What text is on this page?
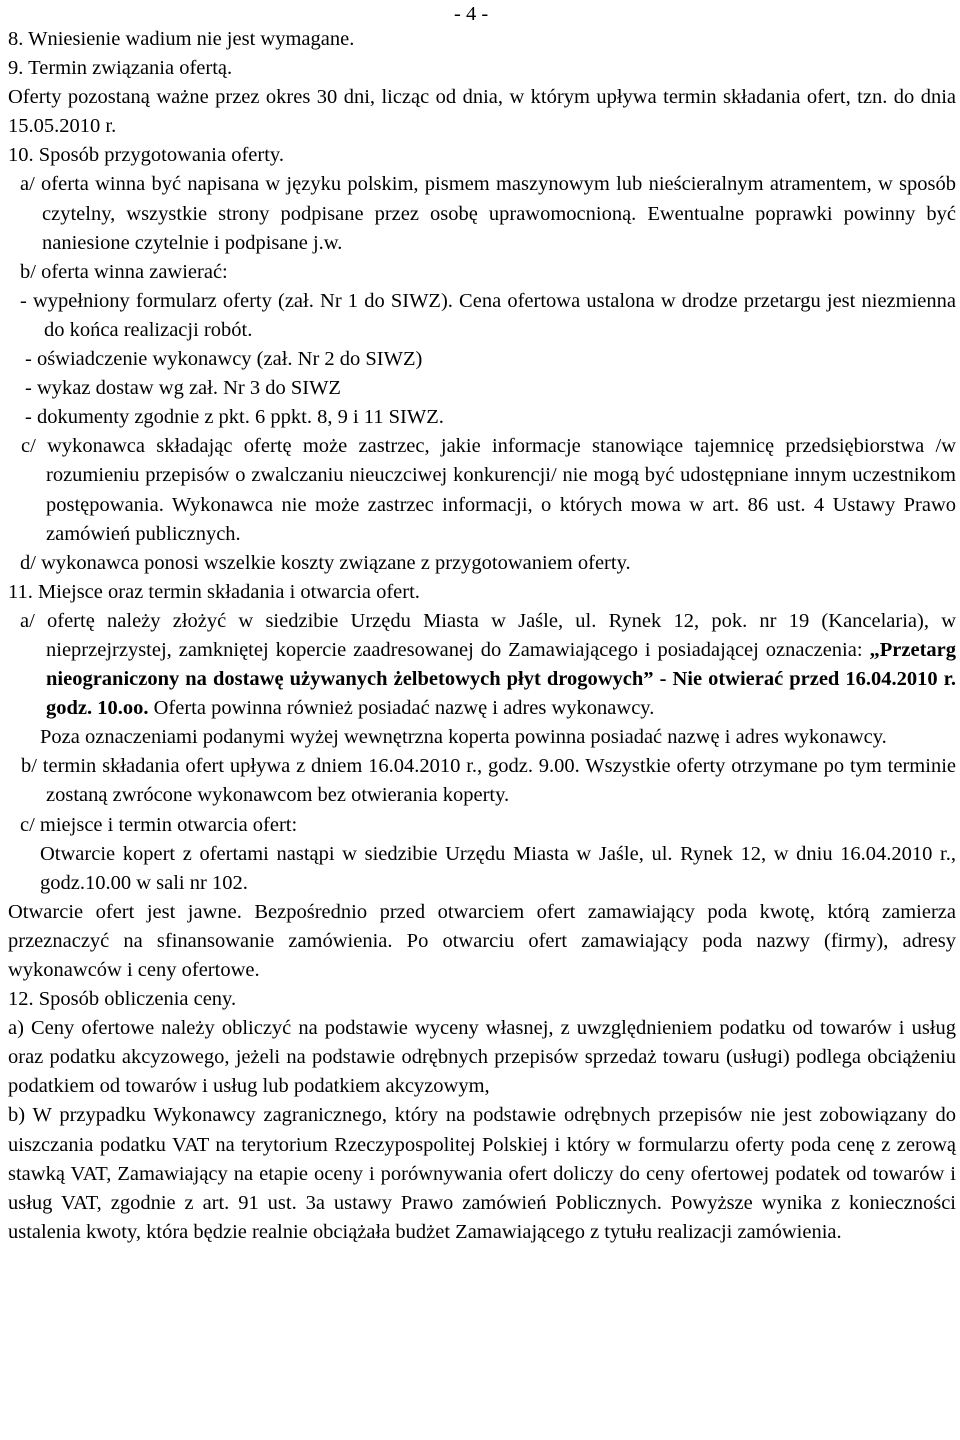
- 4 -

8. Wniesienie wadium nie jest wymagane.

9. Termin związania ofertą.

Oferty pozostaną ważne przez okres 30 dni, licząc od dnia, w którym upływa termin składania ofert, tzn. do dnia 15.05.2010 r.

10. Sposób przygotowania oferty.

a/ oferta winna być napisana w języku polskim, pismem maszynowym lub nieścieralnym atramentem, w sposób czytelny, wszystkie strony podpisane przez osobę uprawomocnioną. Ewentualne poprawki powinny być naniesione czytelnie i podpisane j.w.

b/ oferta winna zawierać:

- wypełniony formularz oferty (zał. Nr 1 do SIWZ). Cena ofertowa ustalona w drodze przetargu jest niezmienna do końca realizacji robót.

- oświadczenie wykonawcy (zał. Nr 2 do SIWZ)

- wykaz dostaw wg zał. Nr 3 do SIWZ

- dokumenty zgodnie z pkt. 6 ppkt. 8, 9 i 11 SIWZ.

c/ wykonawca składając ofertę może zastrzec, jakie informacje stanowiące tajemnicę przedsiębiorstwa /w rozumieniu przepisów o zwalczaniu nieuczciwej konkurencji/ nie mogą być udostępniane innym uczestnikom postępowania. Wykonawca nie może zastrzec informacji, o których mowa w art. 86 ust. 4 Ustawy Prawo zamówień publicznych.

d/ wykonawca ponosi wszelkie koszty związane z przygotowaniem oferty.

11. Miejsce oraz termin składania i otwarcia ofert.

a/ ofertę należy złożyć w siedzibie Urzędu Miasta w Jaśle, ul. Rynek 12, pok. nr 19 (Kancelaria), w nieprzejrzystej, zamkniętej kopercie zaadresowanej do Zamawiającego i posiadającej oznaczenia: „Przetarg nieograniczony na dostawę używanych żelbetowych płyt drogowych” - Nie otwierać przed 16.04.2010 r. godz. 10.oo. Oferta powinna również posiadać nazwę i adres wykonawcy.

Poza oznaczeniami podanymi wyżej wewnętrzna koperta powinna posiadać nazwę i adres wykonawcy.

b/ termin składania ofert upływa z dniem 16.04.2010 r., godz. 9.00. Wszystkie oferty otrzymane po tym terminie zostaną zwrócone wykonawcom bez otwierania koperty.

c/ miejsce i termin otwarcia ofert:

Otwarcie kopert z ofertami nastąpi w siedzibie Urzędu Miasta w Jaśle, ul. Rynek 12, w dniu 16.04.2010 r., godz.10.00 w sali nr 102.

Otwarcie ofert jest jawne. Bezpośrednio przed otwarciem ofert zamawiający poda kwotę, którą zamierza przeznaczyć na sfinansowanie zamówienia. Po otwarciu ofert zamawiający poda nazwy (firmy), adresy wykonawców i ceny ofertowe.

12. Sposób obliczenia ceny.

a) Ceny ofertowe należy obliczyć na podstawie wyceny własnej, z uwzględnieniem podatku od towarów i usług oraz podatku akcyzowego, jeżeli na podstawie odrębnych przepisów sprzedaż towaru (usługi) podlega obciążeniu podatkiem od towarów i usług lub podatkiem akcyzowym,

b) W przypadku Wykonawcy zagranicznego, który na podstawie odrębnych przepisów nie jest zobowiązany do uiszczania podatku VAT na terytorium Rzeczypospolitej Polskiej i który w formularzu oferty poda cenę z zerową stawką VAT, Zamawiający na etapie oceny i porównywania ofert doliczy do ceny ofertowej podatek od towarów i usług VAT, zgodnie z art. 91 ust. 3a ustawy Prawo zamówień Poblicznych. Powyższe wynika z konieczności ustalenia kwoty, która będzie realnie obciążała budżet Zamawiającego z tytułu realizacji zamówienia.
